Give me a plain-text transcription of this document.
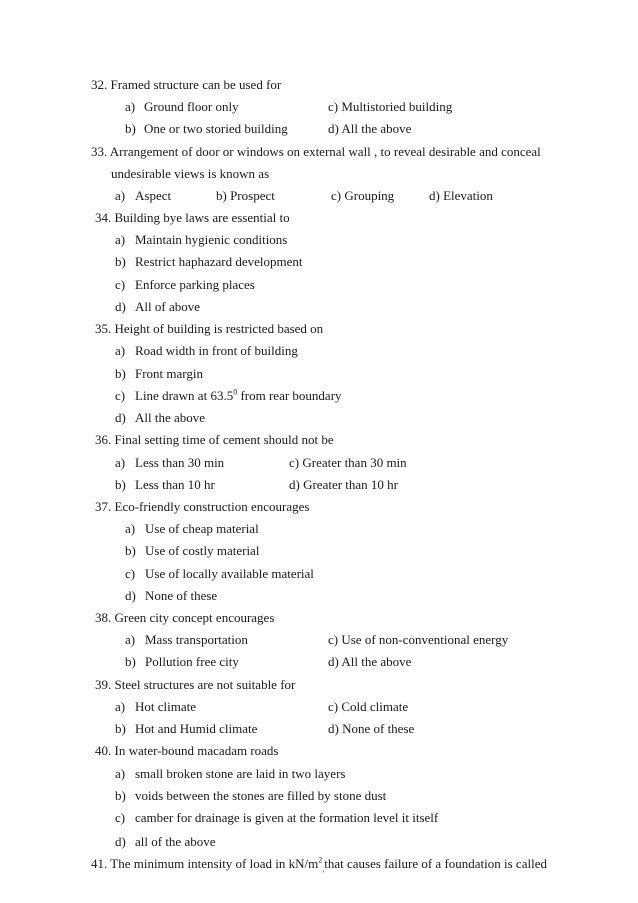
32. Framed structure can be used for
a) Ground floor only	c) Multistoried building
b) One or two storied building	d) All the above
33. Arrangement of door or windows on external wall , to reveal desirable and conceal
undesirable views is known as
a) Aspect	b) Prospect	c) Grouping	d) Elevation
34. Building bye laws are essential to
a) Maintain hygienic conditions
b) Restrict haphazard development
c) Enforce parking places
d) All of above
35. Height of building is restricted based on
a) Road width in front of building
b) Front margin
c) Line drawn at 63.5$^0$ from rear boundary
d) All the above
36. Final setting time of cement should not be
a) Less than 30 min	c) Greater than 30 min
b) Less than 10 hr	d) Greater than 10 hr
37. Eco-friendly construction encourages
a) Use of cheap material
b) Use of costly material
c) Use of locally available material
d) None of these
38. Green city concept encourages
a) Mass transportation	c) Use of non-conventional energy
b) Pollution free city	d) All the above
39. Steel structures are not suitable for
a) Hot climate	c) Cold climate
b) Hot and Humid climate	d) None of these
40. In water-bound macadam roads
a) small broken stone are laid in two layers
b) voids between the stones are filled by stone dust
c) camber for drainage is given at the formation level it itself
d) all of the above
41. The minimum intensity of load in $kN/m^2_,that$ causes failure of a foundation is called
